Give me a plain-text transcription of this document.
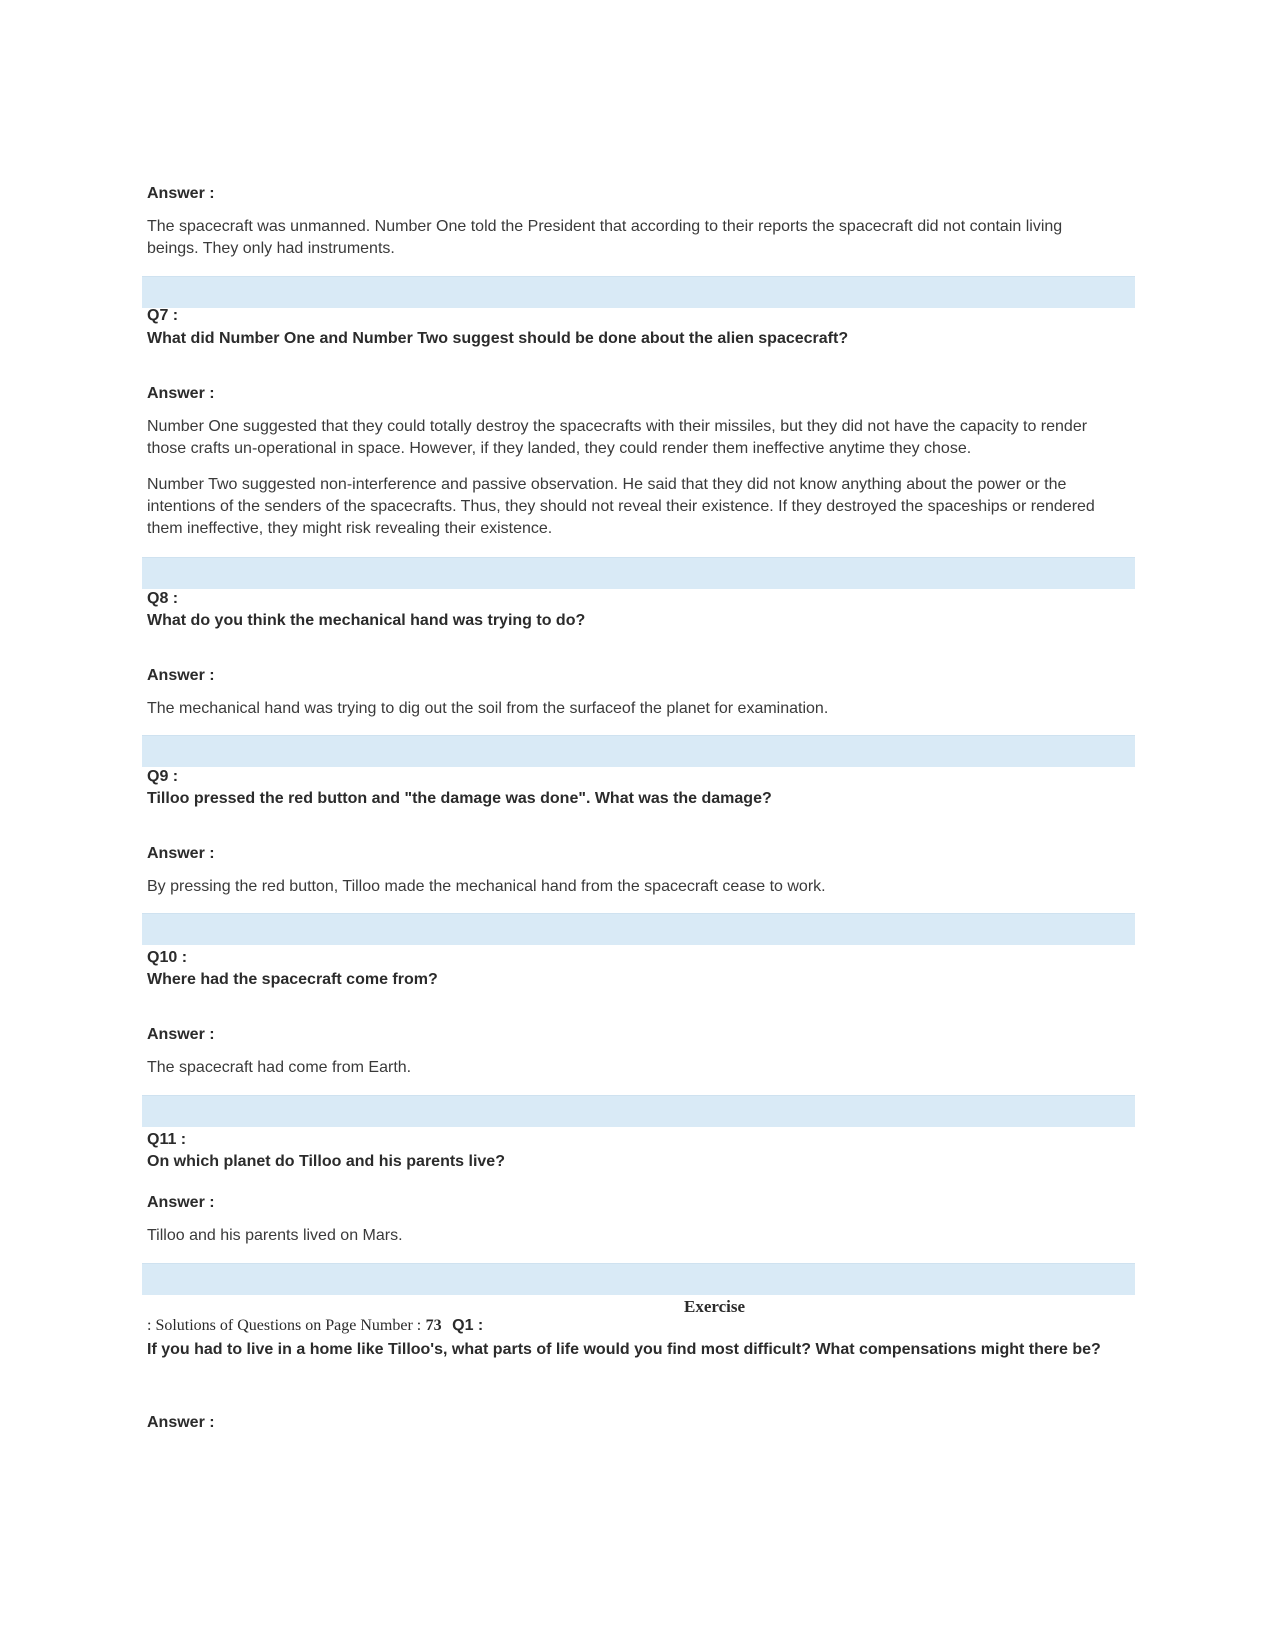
Answer :
The spacecraft was unmanned. Number One told the President that according to their reports the spacecraft did not contain living beings. They only had instruments.
Q7 :
What did Number One and Number Two suggest should be done about the alien spacecraft?
Answer :
Number One suggested that they could totally destroy the spacecrafts with their missiles, but they did not have the capacity to render those crafts un-operational in space. However, if they landed, they could render them ineffective anytime they chose.
Number Two suggested non-interference and passive observation. He said that they did not know anything about the power or the intentions of the senders of the spacecrafts. Thus, they should not reveal their existence. If they destroyed the spaceships or rendered them ineffective, they might risk revealing their existence.
Q8 :
What do you think the mechanical hand was trying to do?
Answer :
The mechanical hand was trying to dig out the soil from the surfaceof the planet for examination.
Q9 :
Tilloo pressed the red button and "the damage was done". What was the damage?
Answer :
By pressing the red button, Tilloo made the mechanical hand from the spacecraft cease to work.
Q10 :
Where had the spacecraft come from?
Answer :
The spacecraft had come from Earth.
Q11 :
On which planet do Tilloo and his parents live?
Answer :
Tilloo and his parents lived on Mars.
Exercise
: Solutions of Questions on Page Number : 73 Q1 :
If you had to live in a home like Tilloo's, what parts of life would you find most difficult? What compensations might there be?
Answer :
